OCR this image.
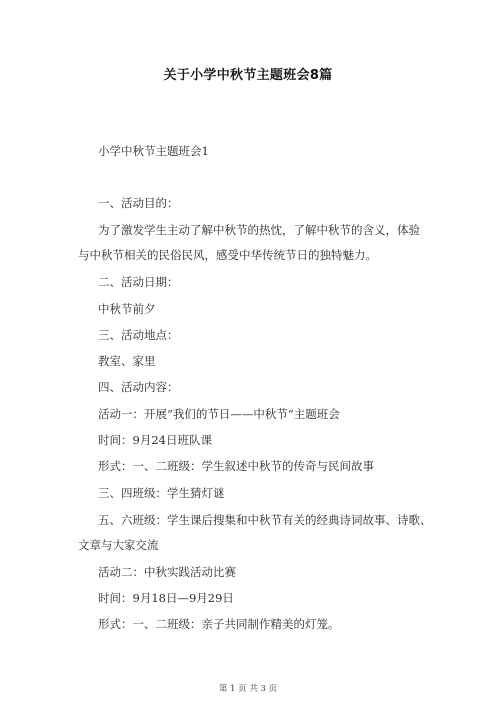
关于小学中秋节主题班会8篇
小学中秋节主题班会1
一、活动目的：
为了激发学生主动了解中秋节的热忱，了解中秋节的含义，体验
与中秋节相关的民俗民风，感受中华传统节日的独特魅力。
二、活动日期：
中秋节前夕
三、活动地点：
教室、家里
四、活动内容：
活动一：开展“我们的节日——中秋节”主题班会
时间：9月24日班队课
形式：一、二班级：学生叙述中秋节的传奇与民间故事
三、四班级：学生猜灯谜
五、六班级：学生课后搜集和中秋节有关的经典诗词故事、诗歌、
文章与大家交流
活动二：中秋实践活动比赛
时间：9月18日—9月29日
形式：一、二班级：亲子共同制作精美的灯笼。
第 1 页 共 3 页
